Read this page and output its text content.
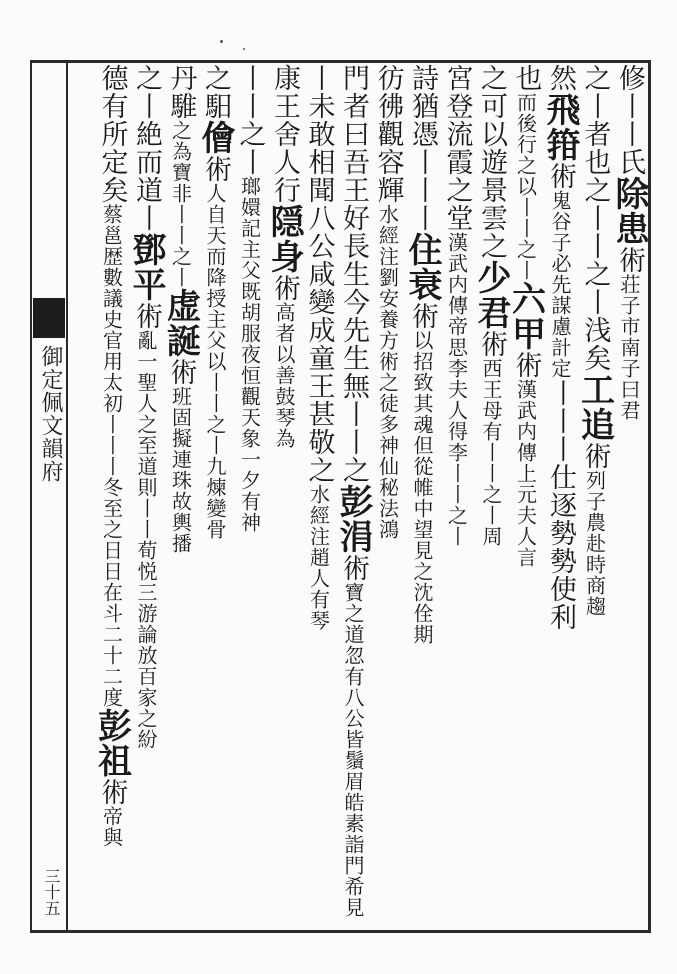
御定佩文韻府
三十五
修丨丨氏除患術荘子市南子曰君
之丨者也之丨丨之丨浅矣工追術列子農赴時商趨
然飛箝術鬼谷子必先謀慮計定丨丨丨仕逐勢勢使利
也而後行之以丨丨之丨六甲術漢武内傳上元夫人言
之可以遊景雲之少君術西王母有丨丨之丨周
宮登流霞之堂漢武内傳帝思李夫人得李丨丨之丨
詩猶憑丨丨丨住衰術以招致其魂但從帷中望見之沈佺期
彷彿觀容輝水經注劉安養方術之徒多神仙秘法鴻
門者曰吾王好長生今先生無丨丨之彭涓術寶之道忽有八公皆鬚眉皓素詣門希見
丨未敢相聞八公咸變成童王甚敬之水經注趙人有琴
康王舍人行隠身術高者以善鼓琴為
丨丨之丨瑯嬛記主父既胡服夜恒觀天象一夕有神
之馹儈術人自天而降授主父以丨丨之丨九煉變骨
丹騅之為寶非丨丨之丨虚誕術班固擬連珠故輿播
之丨絶而道丨鄧平術亂一聖人之至道則丨丨荀悦三游論放百家之紛
德有所定矣蔡邕歴數議史官用太初丨丨丨冬至之日日在斗二十二度彭祖術帝與
